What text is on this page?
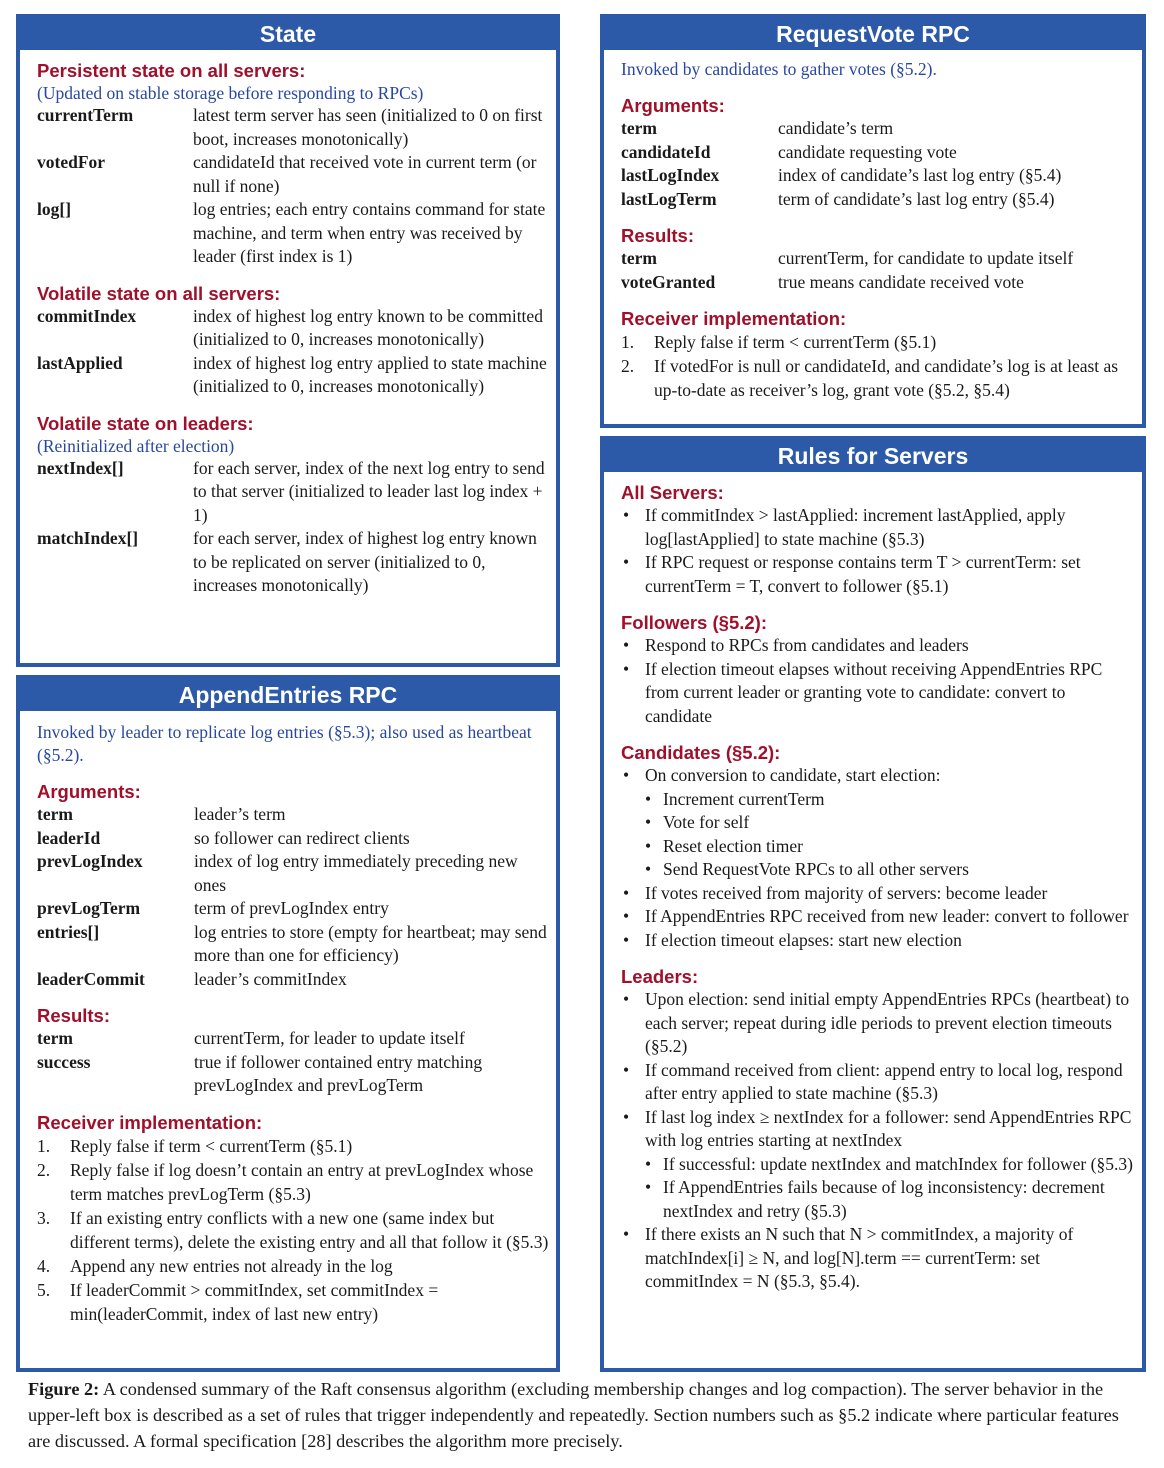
State
Persistent state on all servers:
(Updated on stable storage before responding to RPCs)
currentTerm	latest term server has seen (initialized to 0 on first boot, increases monotonically)
votedFor	candidateId that received vote in current term (or null if none)
log[]	log entries; each entry contains command for state machine, and term when entry was received by leader (first index is 1)
Volatile state on all servers:
commitIndex	index of highest log entry known to be committed (initialized to 0, increases monotonically)
lastApplied	index of highest log entry applied to state machine (initialized to 0, increases monotonically)
Volatile state on leaders:
(Reinitialized after election)
nextIndex[]	for each server, index of the next log entry to send to that server (initialized to leader last log index + 1)
matchIndex[]	for each server, index of highest log entry known to be replicated on server (initialized to 0, increases monotonically)
AppendEntries RPC
Invoked by leader to replicate log entries (§5.3); also used as heartbeat (§5.2).
Arguments:
term	leader’s term
leaderId	so follower can redirect clients
prevLogIndex	index of log entry immediately preceding new ones
prevLogTerm	term of prevLogIndex entry
entries[]	log entries to store (empty for heartbeat; may send more than one for efficiency)
leaderCommit	leader’s commitIndex
Results:
term	currentTerm, for leader to update itself
success	true if follower contained entry matching prevLogIndex and prevLogTerm
Receiver implementation:
1.	Reply false if term < currentTerm (§5.1)
2.	Reply false if log doesn’t contain an entry at prevLogIndex whose term matches prevLogTerm (§5.3)
3.	If an existing entry conflicts with a new one (same index but different terms), delete the existing entry and all that follow it (§5.3)
4.	Append any new entries not already in the log
5.	If leaderCommit > commitIndex, set commitIndex = min(leaderCommit, index of last new entry)
RequestVote RPC
Invoked by candidates to gather votes (§5.2).
Arguments:
term	candidate’s term
candidateId	candidate requesting vote
lastLogIndex	index of candidate’s last log entry (§5.4)
lastLogTerm	term of candidate’s last log entry (§5.4)
Results:
term	currentTerm, for candidate to update itself
voteGranted	true means candidate received vote
Receiver implementation:
1.	Reply false if term < currentTerm (§5.1)
2.	If votedFor is null or candidateId, and candidate’s log is at least as up-to-date as receiver’s log, grant vote (§5.2, §5.4)
Rules for Servers
All Servers:
• If commitIndex > lastApplied: increment lastApplied, apply log[lastApplied] to state machine (§5.3)
• If RPC request or response contains term T > currentTerm: set currentTerm = T, convert to follower (§5.1)
Followers (§5.2):
• Respond to RPCs from candidates and leaders
• If election timeout elapses without receiving AppendEntries RPC from current leader or granting vote to candidate: convert to candidate
Candidates (§5.2):
• On conversion to candidate, start election:
• Increment currentTerm
• Vote for self
• Reset election timer
• Send RequestVote RPCs to all other servers
• If votes received from majority of servers: become leader
• If AppendEntries RPC received from new leader: convert to follower
• If election timeout elapses: start new election
Leaders:
• Upon election: send initial empty AppendEntries RPCs (heartbeat) to each server; repeat during idle periods to prevent election timeouts (§5.2)
• If command received from client: append entry to local log, respond after entry applied to state machine (§5.3)
• If last log index ≥ nextIndex for a follower: send AppendEntries RPC with log entries starting at nextIndex
• If successful: update nextIndex and matchIndex for follower (§5.3)
• If AppendEntries fails because of log inconsistency: decrement nextIndex and retry (§5.3)
• If there exists an N such that N > commitIndex, a majority of matchIndex[i] ≥ N, and log[N].term == currentTerm: set commitIndex = N (§5.3, §5.4).
Figure 2: A condensed summary of the Raft consensus algorithm (excluding membership changes and log compaction). The server behavior in the upper-left box is described as a set of rules that trigger independently and repeatedly. Section numbers such as §5.2 indicate where particular features are discussed. A formal specification [28] describes the algorithm more precisely.
